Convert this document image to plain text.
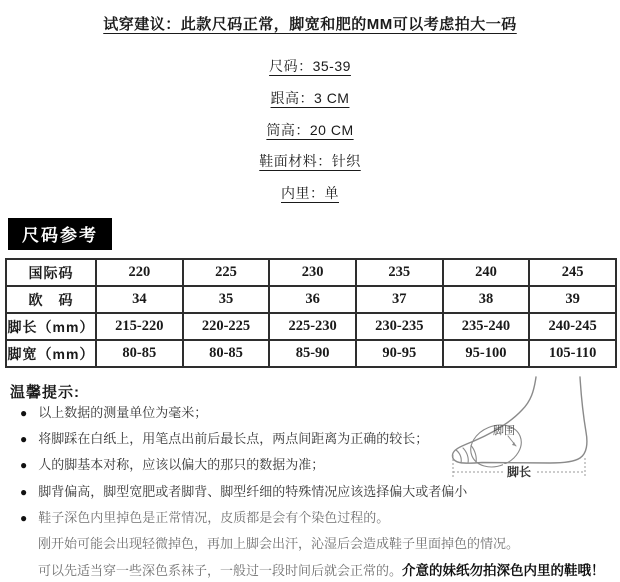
试穿建议：此款尺码正常，脚宽和肥的MM可以考虑拍大一码
尺码：35-39
跟高：3 CM
筒高：20 CM
鞋面材料：针织
内里：单
尺码参考
国际码	220	225	230	235	240	245
欧　码	34	35	36	37	38	39
脚长（mm）	215-220	220-225	225-230	230-235	235-240	240-245
脚宽（mm）	80-85	80-85	85-90	90-95	95-100	105-110
温馨提示:
● 以上数据的测量单位为毫米；
● 将脚踩在白纸上，用笔点出前后最长点，两点间距离为正确的较长；
● 人的脚基本对称，应该以偏大的那只的数据为准；
● 脚背偏高，脚型宽肥或者脚背、脚型纤细的特殊情况应该选择偏大或者偏小
● 鞋子深色内里掉色是正常情况，皮质都是会有个染色过程的。
刚开始可能会出现轻微掉色，再加上脚会出汗，沁湿后会造成鞋子里面掉色的情况。
可以先适当穿一些深色系袜子，一般过一段时间后就会正常的。介意的妹纸勿拍深色内里的鞋哦！
脚围
脚长
